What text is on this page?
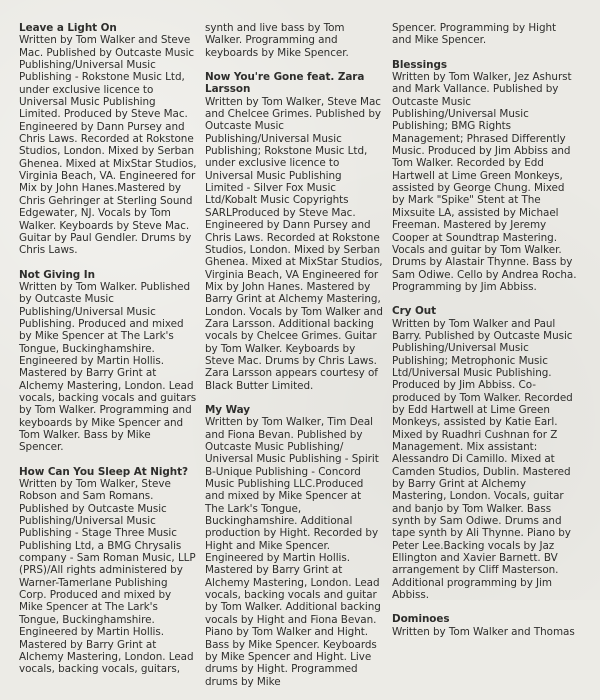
Leave a Light On
Written by Tom Walker and Steve Mac. Published by Outcaste Music Publishing/Universal Music Publishing - Rokstone Music Ltd, under exclusive licence to Universal Music Publishing Limited. Produced by Steve Mac. Engineered by Dann Pursey and Chris Laws. Recorded at Rokstone Studios, London. Mixed by Serban Ghenea. Mixed at MixStar Studios, Virginia Beach, VA. Engineered for Mix by John Hanes.Mastered by Chris Gehringer at Sterling Sound Edgewater, NJ. Vocals by Tom Walker. Keyboards by Steve Mac. Guitar by Paul Gendler. Drums by Chris Laws.
Not Giving In
Written by Tom Walker. Published by Outcaste Music Publishing/Universal Music Publishing. Produced and mixed by Mike Spencer at The Lark's Tongue, Buckinghamshire. Engineered by Martin Hollis. Mastered by Barry Grint at Alchemy Mastering, London. Lead vocals, backing vocals and guitars by Tom Walker. Programming and keyboards by Mike Spencer and Tom Walker. Bass by Mike Spencer.
How Can You Sleep At Night?
Written by Tom Walker, Steve Robson and Sam Romans. Published by Outcaste Music Publishing/Universal Music Publishing - Stage Three Music Publishing Ltd, a BMG Chrysalis company - Sam Roman Music, LLP (PRS)/All rights administered by Warner-Tamerlane Publishing Corp. Produced and mixed by Mike Spencer at The Lark's Tongue, Buckinghamshire. Engineered by Martin Hollis. Mastered by Barry Grint at Alchemy Mastering, London. Lead vocals, backing vocals, guitars,
synth and live bass by Tom Walker. Programming and keyboards by Mike Spencer.
Now You're Gone feat. Zara Larsson
Written by Tom Walker, Steve Mac and Chelcee Grimes. Published by Outcaste Music Publishing/Universal Music Publishing; Rokstone Music Ltd, under exclusive licence to Universal Music Publishing Limited - Silver Fox Music Ltd/Kobalt Music Copyrights SARLProduced by Steve Mac. Engineered by Dann Pursey and Chris Laws. Recorded at Rokstone Studios, London. Mixed by Serban Ghenea. Mixed at MixStar Studios, Virginia Beach, VA Engineered for Mix by John Hanes. Mastered by Barry Grint at Alchemy Mastering, London. Vocals by Tom Walker and Zara Larsson. Additional backing vocals by Chelcee Grimes. Guitar by Tom Walker. Keyboards by Steve Mac. Drums by Chris Laws. Zara Larsson appears courtesy of Black Butter Limited.
My Way
Written by Tom Walker, Tim Deal and Fiona Bevan. Published by Outcaste Music Publishing/ Universal Music Publishing - Spirit B-Unique Publishing - Concord Music Publishing LLC.Produced and mixed by Mike Spencer at The Lark's Tongue, Buckinghamshire. Additional production by Hight. Recorded by Hight and Mike Spencer. Engineered by Martin Hollis. Mastered by Barry Grint at Alchemy Mastering, London. Lead vocals, backing vocals and guitar by Tom Walker. Additional backing vocals by Hight and Fiona Bevan. Piano by Tom Walker and Hight. Bass by Mike Spencer. Keyboards by Mike Spencer and Hight. Live drums by Hight. Programmed drums by Mike
Spencer. Programming by Hight and Mike Spencer.
Blessings
Written by Tom Walker, Jez Ashurst and Mark Vallance. Published by Outcaste Music Publishing/Universal Music Publishing; BMG Rights Management; Phrased Differently Music. Produced by Jim Abbiss and Tom Walker. Recorded by Edd Hartwell at Lime Green Monkeys, assisted by George Chung. Mixed by Mark "Spike" Stent at The Mixsuite LA, assisted by Michael Freeman. Mastered by Jeremy Cooper at Soundtrap Mastering. Vocals and guitar by Tom Walker. Drums by Alastair Thynne. Bass by Sam Odiwe. Cello by Andrea Rocha. Programming by Jim Abbiss.
Cry Out
Written by Tom Walker and Paul Barry. Published by Outcaste Music Publishing/Universal Music Publishing; Metrophonic Music Ltd/Universal Music Publishing. Produced by Jim Abbiss. Co-produced by Tom Walker. Recorded by Edd Hartwell at Lime Green Monkeys, assisted by Katie Earl. Mixed by Ruadhri Cushnan for Z Management. Mix assistant: Alessandro Di Camillo. Mixed at Camden Studios, Dublin. Mastered by Barry Grint at Alchemy Mastering, London. Vocals, guitar and banjo by Tom Walker. Bass synth by Sam Odiwe. Drums and tape synth by Ali Thynne. Piano by Peter Lee.Backing vocals by Jaz Ellington and Xavier Barnett. BV arrangement by Cliff Masterson. Additional programming by Jim Abbiss.
Dominoes
Written by Tom Walker and Thomas
